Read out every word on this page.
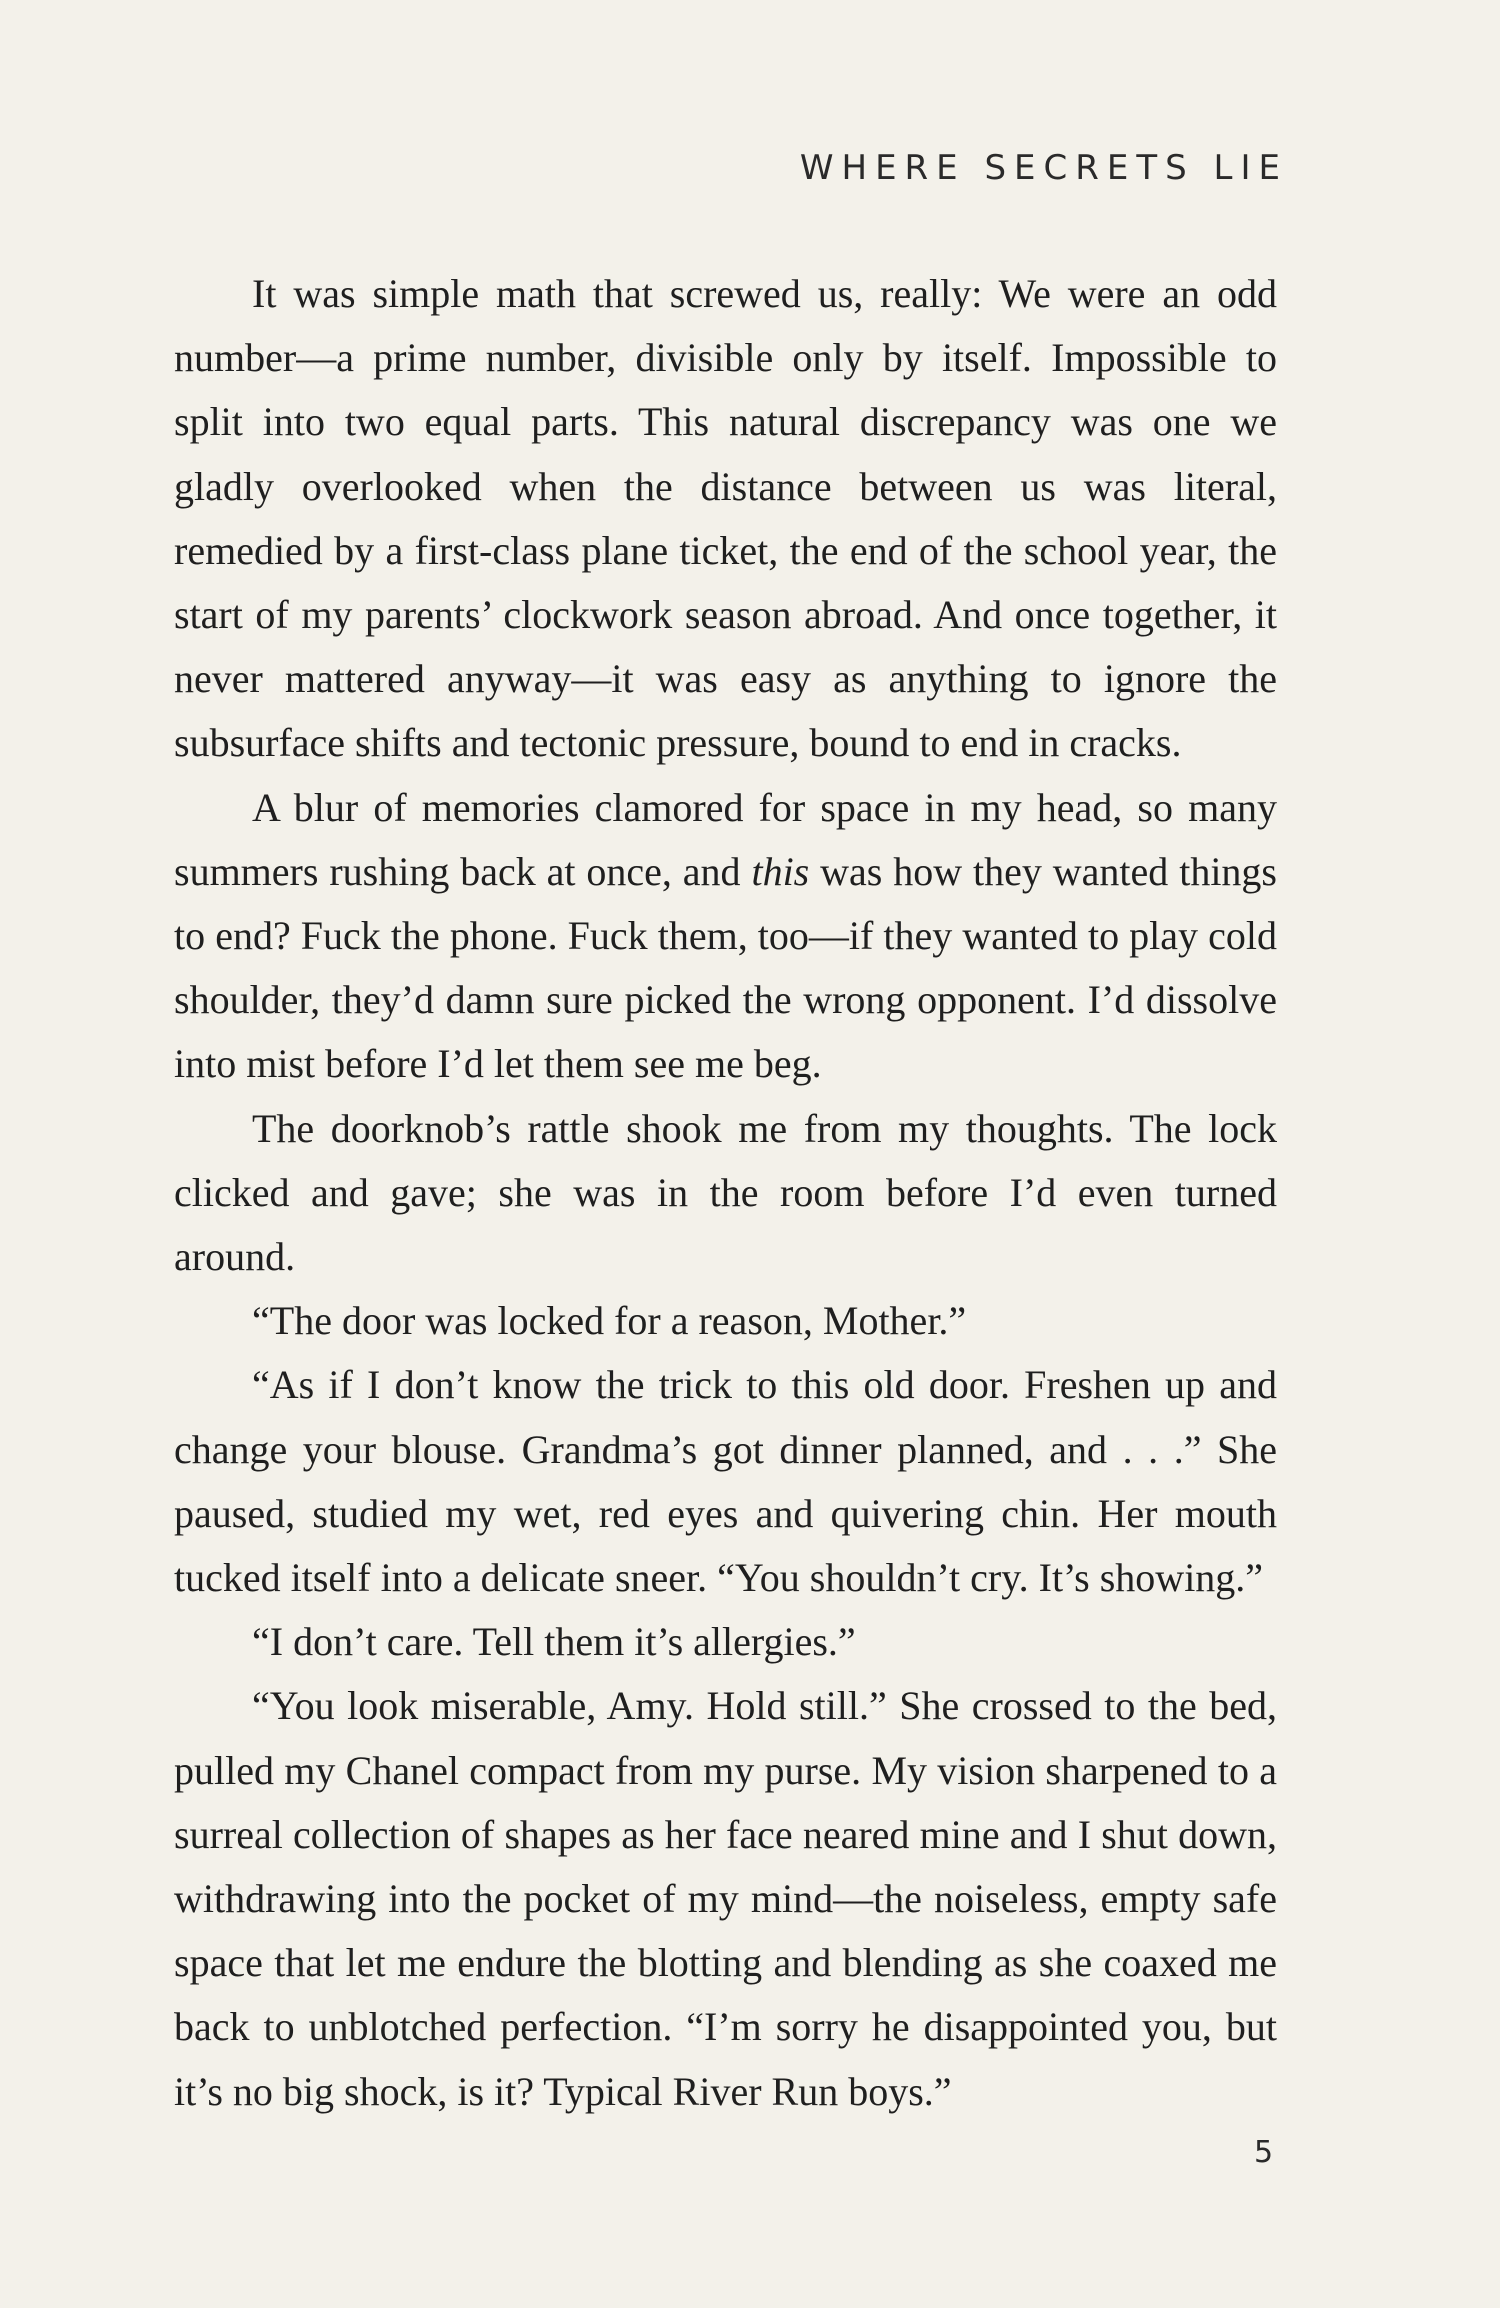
WHERE SECRETS LIE

It was simple math that screwed us, really: We were an odd number—a prime number, divisible only by itself. Impossible to split into two equal parts. This natural discrepancy was one we gladly overlooked when the distance between us was literal, remedied by a first-class plane ticket, the end of the school year, the start of my parents’ clockwork season abroad. And once together, it never mattered anyway—it was easy as anything to ignore the subsurface shifts and tectonic pressure, bound to end in cracks.

A blur of memories clamored for space in my head, so many summers rushing back at once, and this was how they wanted things to end? Fuck the phone. Fuck them, too—if they wanted to play cold shoulder, they’d damn sure picked the wrong opponent. I’d dissolve into mist before I’d let them see me beg.

The doorknob’s rattle shook me from my thoughts. The lock clicked and gave; she was in the room before I’d even turned around.

“The door was locked for a reason, Mother.”

“As if I don’t know the trick to this old door. Freshen up and change your blouse. Grandma’s got dinner planned, and . . .” She paused, studied my wet, red eyes and quivering chin. Her mouth tucked itself into a delicate sneer. “You shouldn’t cry. It’s showing.”

“I don’t care. Tell them it’s allergies.”

“You look miserable, Amy. Hold still.” She crossed to the bed, pulled my Chanel compact from my purse. My vision sharpened to a surreal collection of shapes as her face neared mine and I shut down, withdrawing into the pocket of my mind—the noiseless, empty safe space that let me endure the blotting and blending as she coaxed me back to unblotched perfection. “I’m sorry he disappointed you, but it’s no big shock, is it? Typical River Run boys.”

5
